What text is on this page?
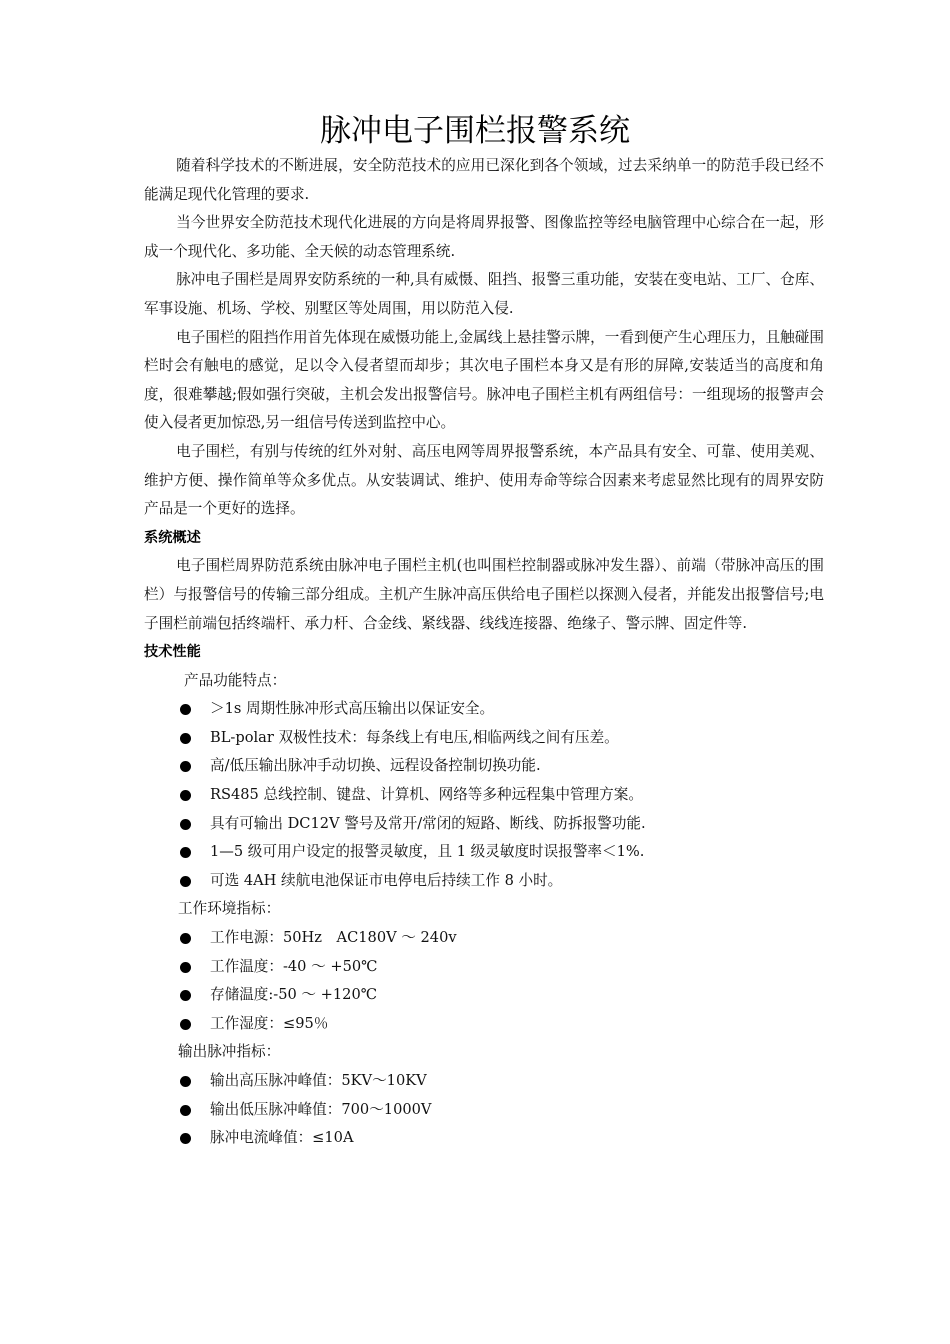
脉冲电子围栏报警系统

随着科学技术的不断进展，安全防范技术的应用已深化到各个领域，过去采纳单一的防范手段已经不能满足现代化管理的要求.

当今世界安全防范技术现代化进展的方向是将周界报警、图像监控等经电脑管理中心综合在一起，形成一个现代化、多功能、全天候的动态管理系统.

脉冲电子围栏是周界安防系统的一种,具有威慑、阻挡、报警三重功能，安装在变电站、工厂、仓库、军事设施、机场、学校、别墅区等处周围，用以防范入侵.

电子围栏的阻挡作用首先体现在威慑功能上,金属线上悬挂警示牌，一看到便产生心理压力，且触碰围栏时会有触电的感觉，足以令入侵者望而却步；其次电子围栏本身又是有形的屏障,安装适当的高度和角度，很难攀越;假如强行突破，主机会发出报警信号。脉冲电子围栏主机有两组信号：一组现场的报警声会使入侵者更加惊恐,另一组信号传送到监控中心。

电子围栏，有别与传统的红外对射、高压电网等周界报警系统，本产品具有安全、可靠、使用美观、维护方便、操作简单等众多优点。从安装调试、维护、使用寿命等综合因素来考虑显然比现有的周界安防产品是一个更好的选择。

系统概述

电子围栏周界防范系统由脉冲电子围栏主机(也叫围栏控制器或脉冲发生器）、前端（带脉冲高压的围栏）与报警信号的传输三部分组成。主机产生脉冲高压供给电子围栏以探测入侵者，并能发出报警信号;电子围栏前端包括终端杆、承力杆、合金线、紧线器、线线连接器、绝缘子、警示牌、固定件等.

技术性能

产品功能特点：

＞1s 周期性脉冲形式高压输出以保证安全。
BL-polar 双极性技术：每条线上有电压,相临两线之间有压差。
高/低压输出脉冲手动切换、远程设备控制切换功能.
RS485 总线控制、键盘、计算机、网络等多种远程集中管理方案。
具有可输出 DC12V 警号及常开/常闭的短路、断线、防拆报警功能.
1—5 级可用户设定的报警灵敏度，且 1 级灵敏度时误报警率＜1%.
可选 4AH 续航电池保证市电停电后持续工作 8 小时。

工作环境指标：

工作电源：50Hz　AC180V ～ 240v
工作温度：-40 ～ +50℃
存储温度:-50 ～ +120℃
工作湿度：≤95％

输出脉冲指标：

输出高压脉冲峰值：5KV～10KV
输出低压脉冲峰值：700～1000V
脉冲电流峰值：≤10A
